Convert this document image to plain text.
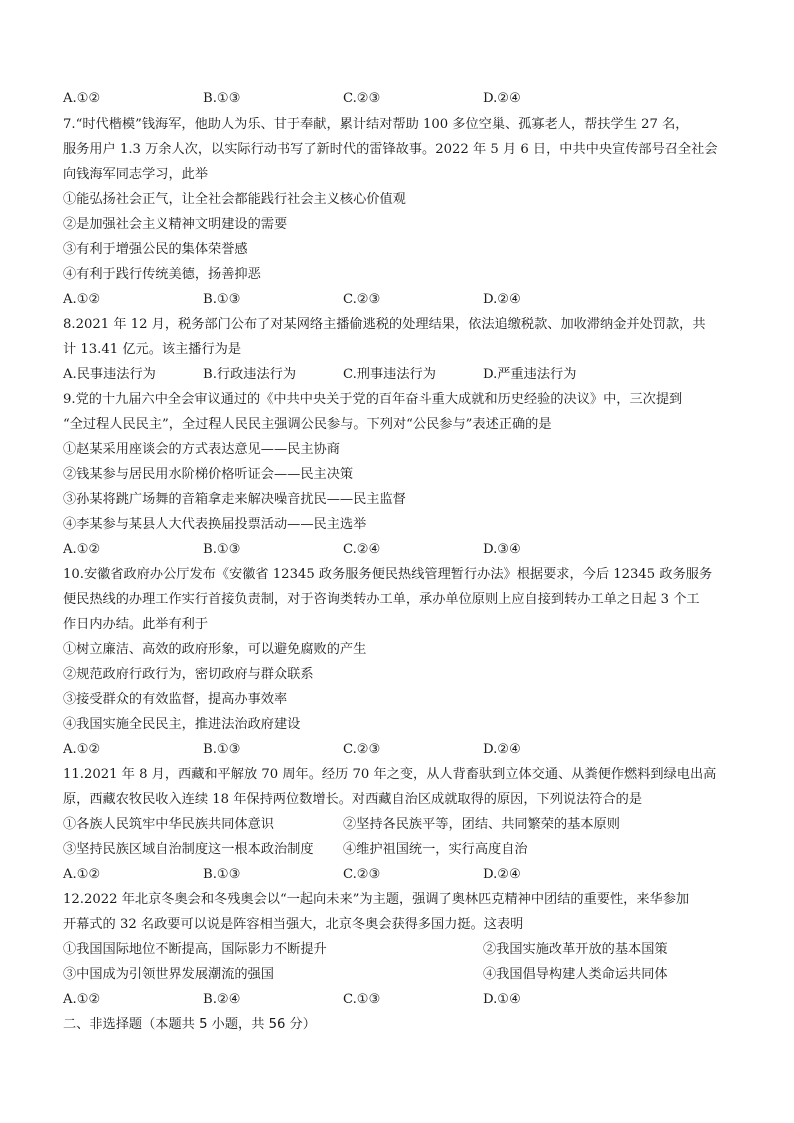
A.①②	B.①③	C.②③	D.②④
7.“时代楷模”钱海军，他助人为乐、甘于奉献，累计结对帮助 100 多位空巢、孤寡老人，帮扶学生 27 名，
服务用户 1.3 万余人次，以实际行动书写了新时代的雷锋故事。2022 年 5 月 6 日，中共中央宣传部号召全社会
向钱海军同志学习，此举
①能弘扬社会正气，让全社会都能践行社会主义核心价值观
②是加强社会主义精神文明建设的需要
③有利于增强公民的集体荣誉感
④有利于践行传统美德，扬善抑恶
A.①②	B.①③	C.②③	D.②④
8.2021 年 12 月，税务部门公布了对某网络主播偷逃税的处理结果，依法追缴税款、加收滞纳金并处罚款，共
计 13.41 亿元。该主播行为是
A.民事违法行为	B.行政违法行为	C.刑事违法行为	D.严重违法行为
9.党的十九届六中全会审议通过的《中共中央关于党的百年奋斗重大成就和历史经验的决议》中，三次提到
“全过程人民民主”，全过程人民民主强调公民参与。下列对“公民参与”表述正确的是
①赵某采用座谈会的方式表达意见——民主协商
②钱某参与居民用水阶梯价格听证会——民主决策
③孙某将跳广场舞的音箱拿走来解决噪音扰民——民主监督
④李某参与某县人大代表换届投票活动——民主选举
A.①②	B.①③	C.②④	D.③④
10.安徽省政府办公厅发布《安徽省 12345 政务服务便民热线管理暂行办法》根据要求，今后 12345 政务服务
便民热线的办理工作实行首接负责制，对于咨询类转办工单，承办单位原则上应自接到转办工单之日起 3 个工
作日内办结。此举有利于
①树立廉洁、高效的政府形象，可以避免腐败的产生
②规范政府行政行为，密切政府与群众联系
③接受群众的有效监督，提高办事效率
④我国实施全民民主，推进法治政府建设
A.①②	B.①③	C.②③	D.②④
11.2021 年 8 月，西藏和平解放 70 周年。经历 70 年之变，从人背畜驮到立体交通、从粪便作燃料到绿电出高
原，西藏农牧民收入连续 18 年保持两位数增长。对西藏自治区成就取得的原因，下列说法符合的是
①各族人民筑牢中华民族共同体意识	②坚持各民族平等，团结、共同繁荣的基本原则
③坚持民族区域自治制度这一根本政治制度 ④维护祖国统一，实行高度自治
A.①②	B.①③	C.②③	D.②④
12.2022 年北京冬奥会和冬残奥会以“一起向未来”为主题，强调了奥林匹克精神中团结的重要性，来华参加
开幕式的 32 名政要可以说是阵容相当强大，北京冬奥会获得多国力挺。这表明
①我国国际地位不断提高，国际影力不断提升	②我国实施改革开放的基本国策
③中国成为引领世界发展潮流的强国	④我国倡导构建人类命运共同体
A.①②	B.②④	C.①③	D.①④
二、非选择题（本题共 5 小题，共 56 分）
